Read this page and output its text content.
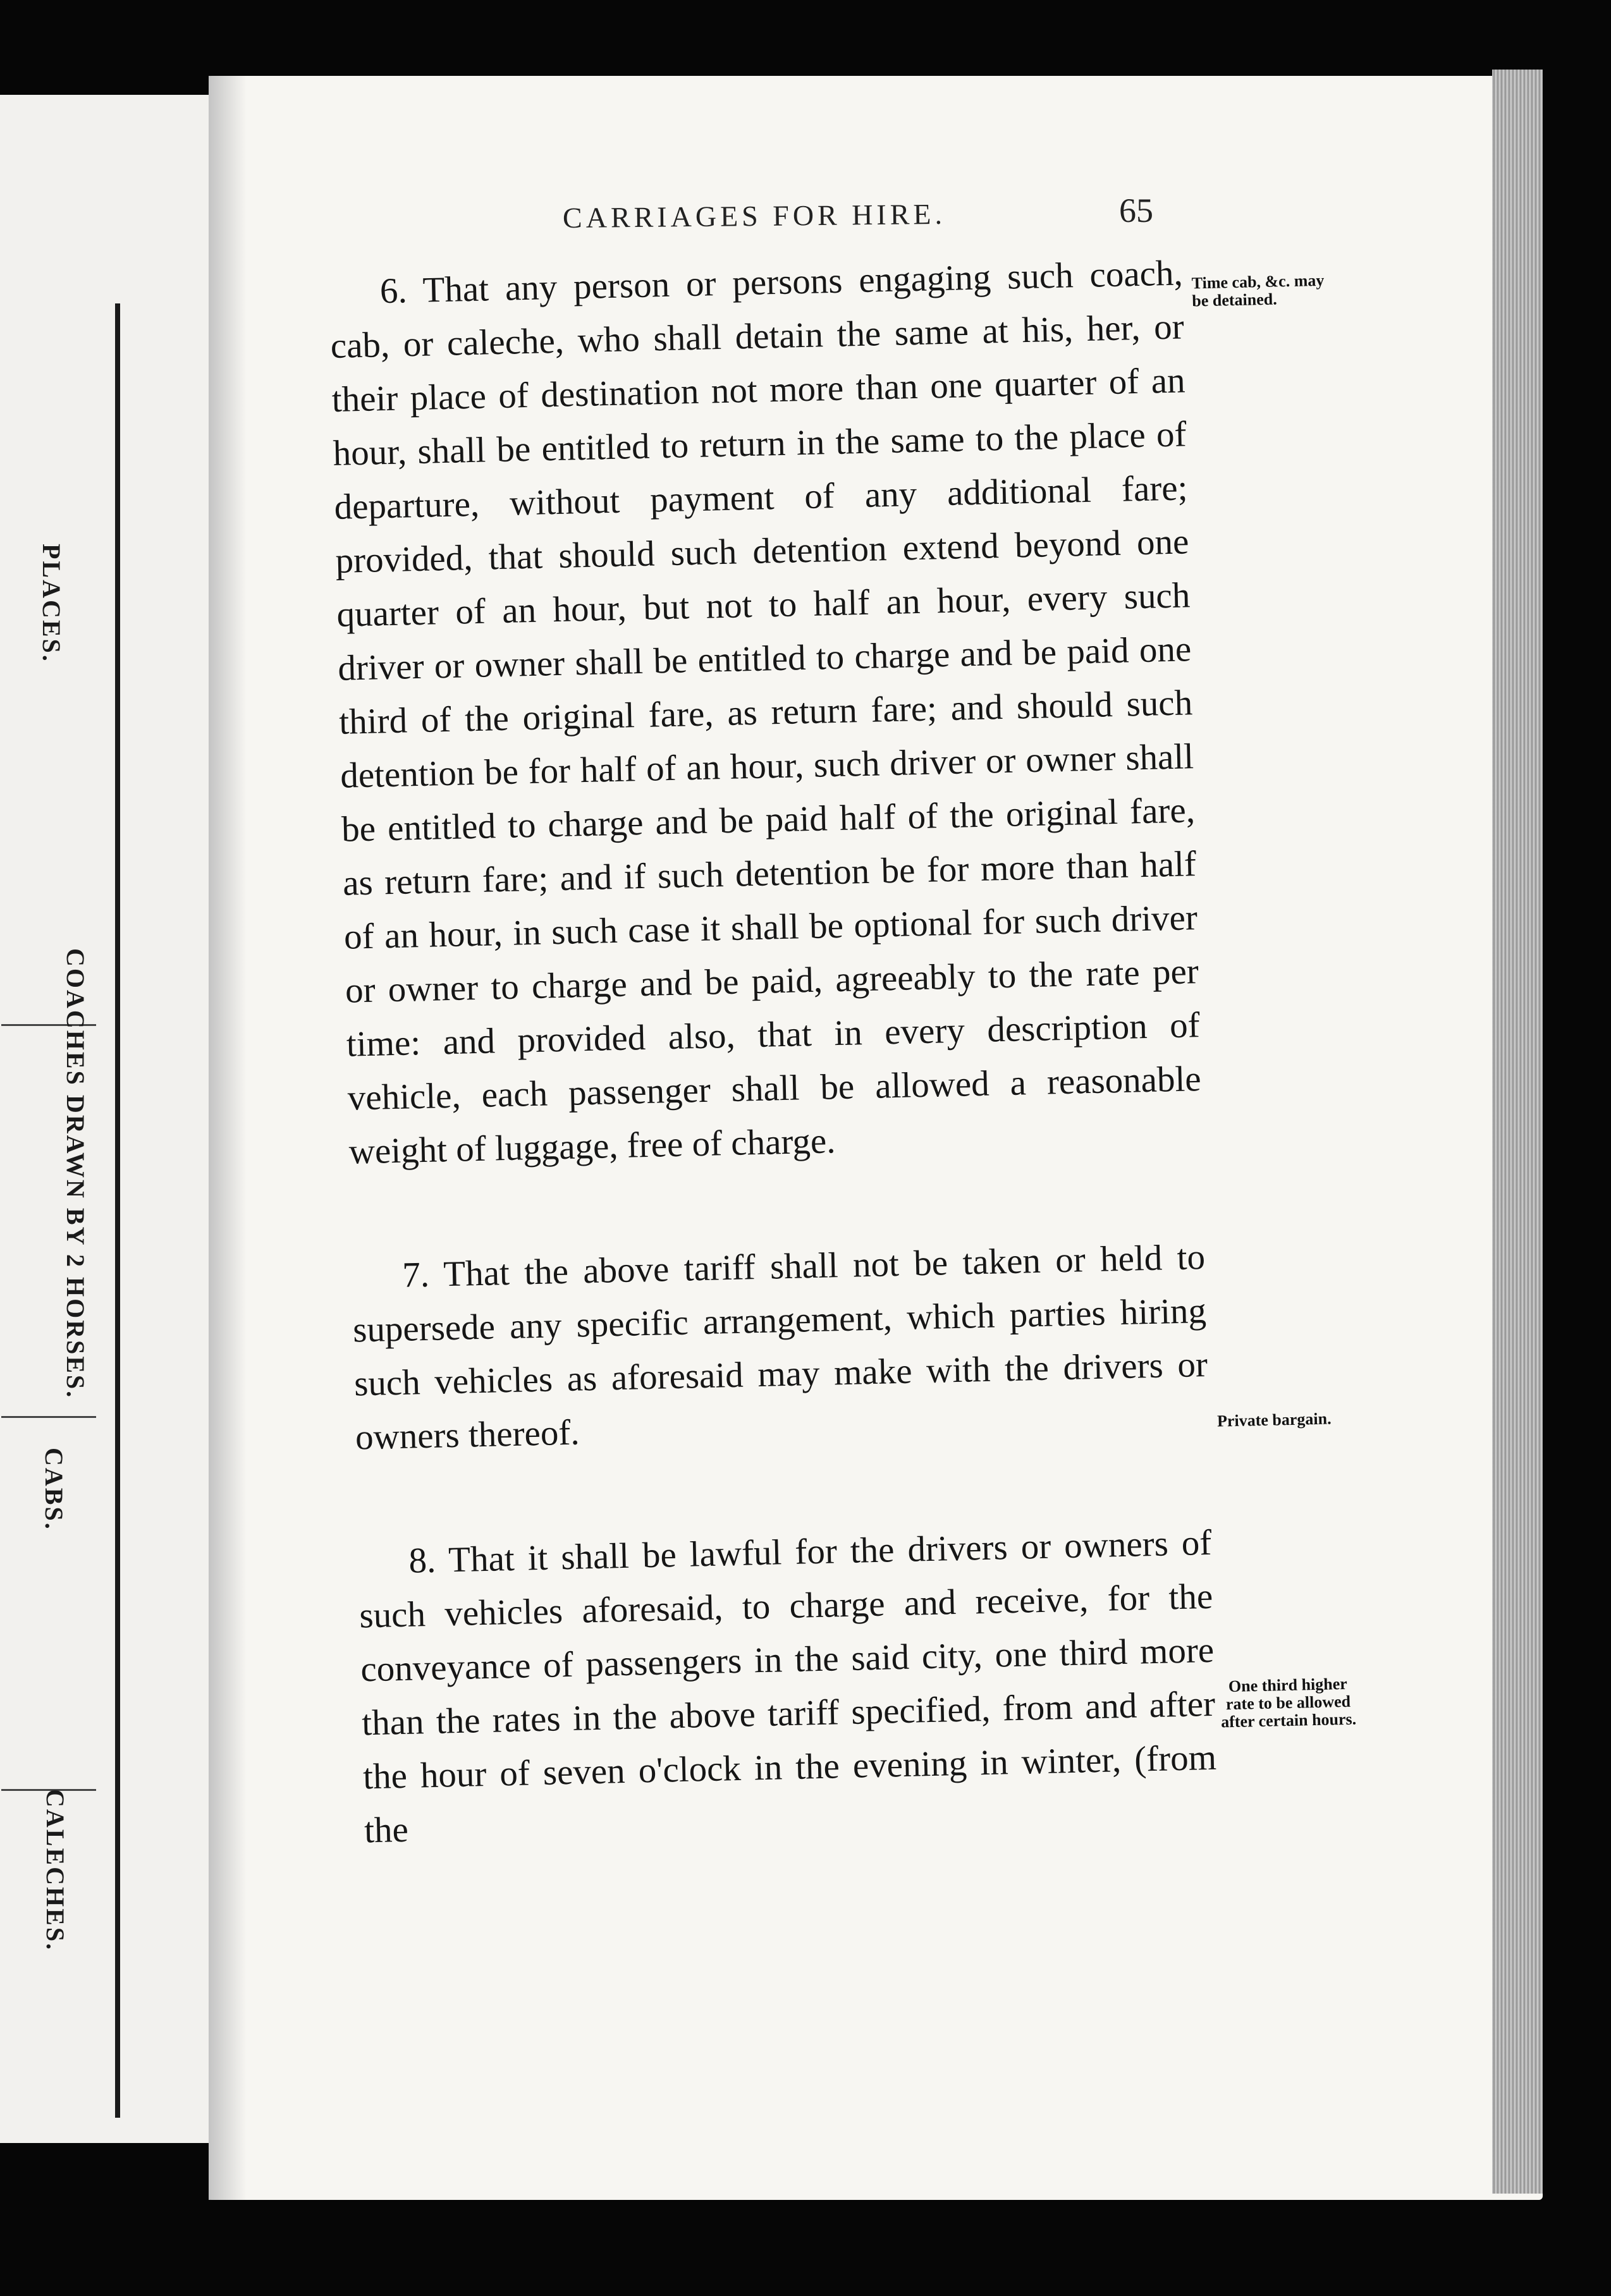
PLACES.
COACHES DRAWN BY 2 HORSES.
CABS.
CALECHES.
CARRIAGES FOR HIRE.	65

6. That any person or persons engaging such coach, cab, or caleche, who shall detain the same at his, her, or their place of destination not more than one quarter of an hour, shall be entitled to return in the same to the place of departure, without payment of any additional fare; provided, that should such detention extend beyond one quarter of an hour, but not to half an hour, every such driver or owner shall be entitled to charge and be paid one third of the original fare, as return fare; and should such detention be for half of an hour, such driver or owner shall be entitled to charge and be paid half of the original fare, as return fare; and if such detention be for more than half of an hour, in such case it shall be optional for such driver or owner to charge and be paid, agreeably to the rate per time: and provided also, that in every description of vehicle, each passenger shall be allowed a reasonable weight of luggage, free of charge.

7. That the above tariff shall not be taken or held to supersede any specific arrangement, which parties hiring such vehicles as aforesaid may make with the drivers or owners thereof.

8. That it shall be lawful for the drivers or owners of such vehicles aforesaid, to charge and receive, for the conveyance of passengers in the said city, one third more than the rates in the above tariff specified, from and after the hour of seven o'clock in the evening in winter, (from the

Time cab, &c. may be detained.
Private bargain.
One third higher rate to be allowed after certain hours.
